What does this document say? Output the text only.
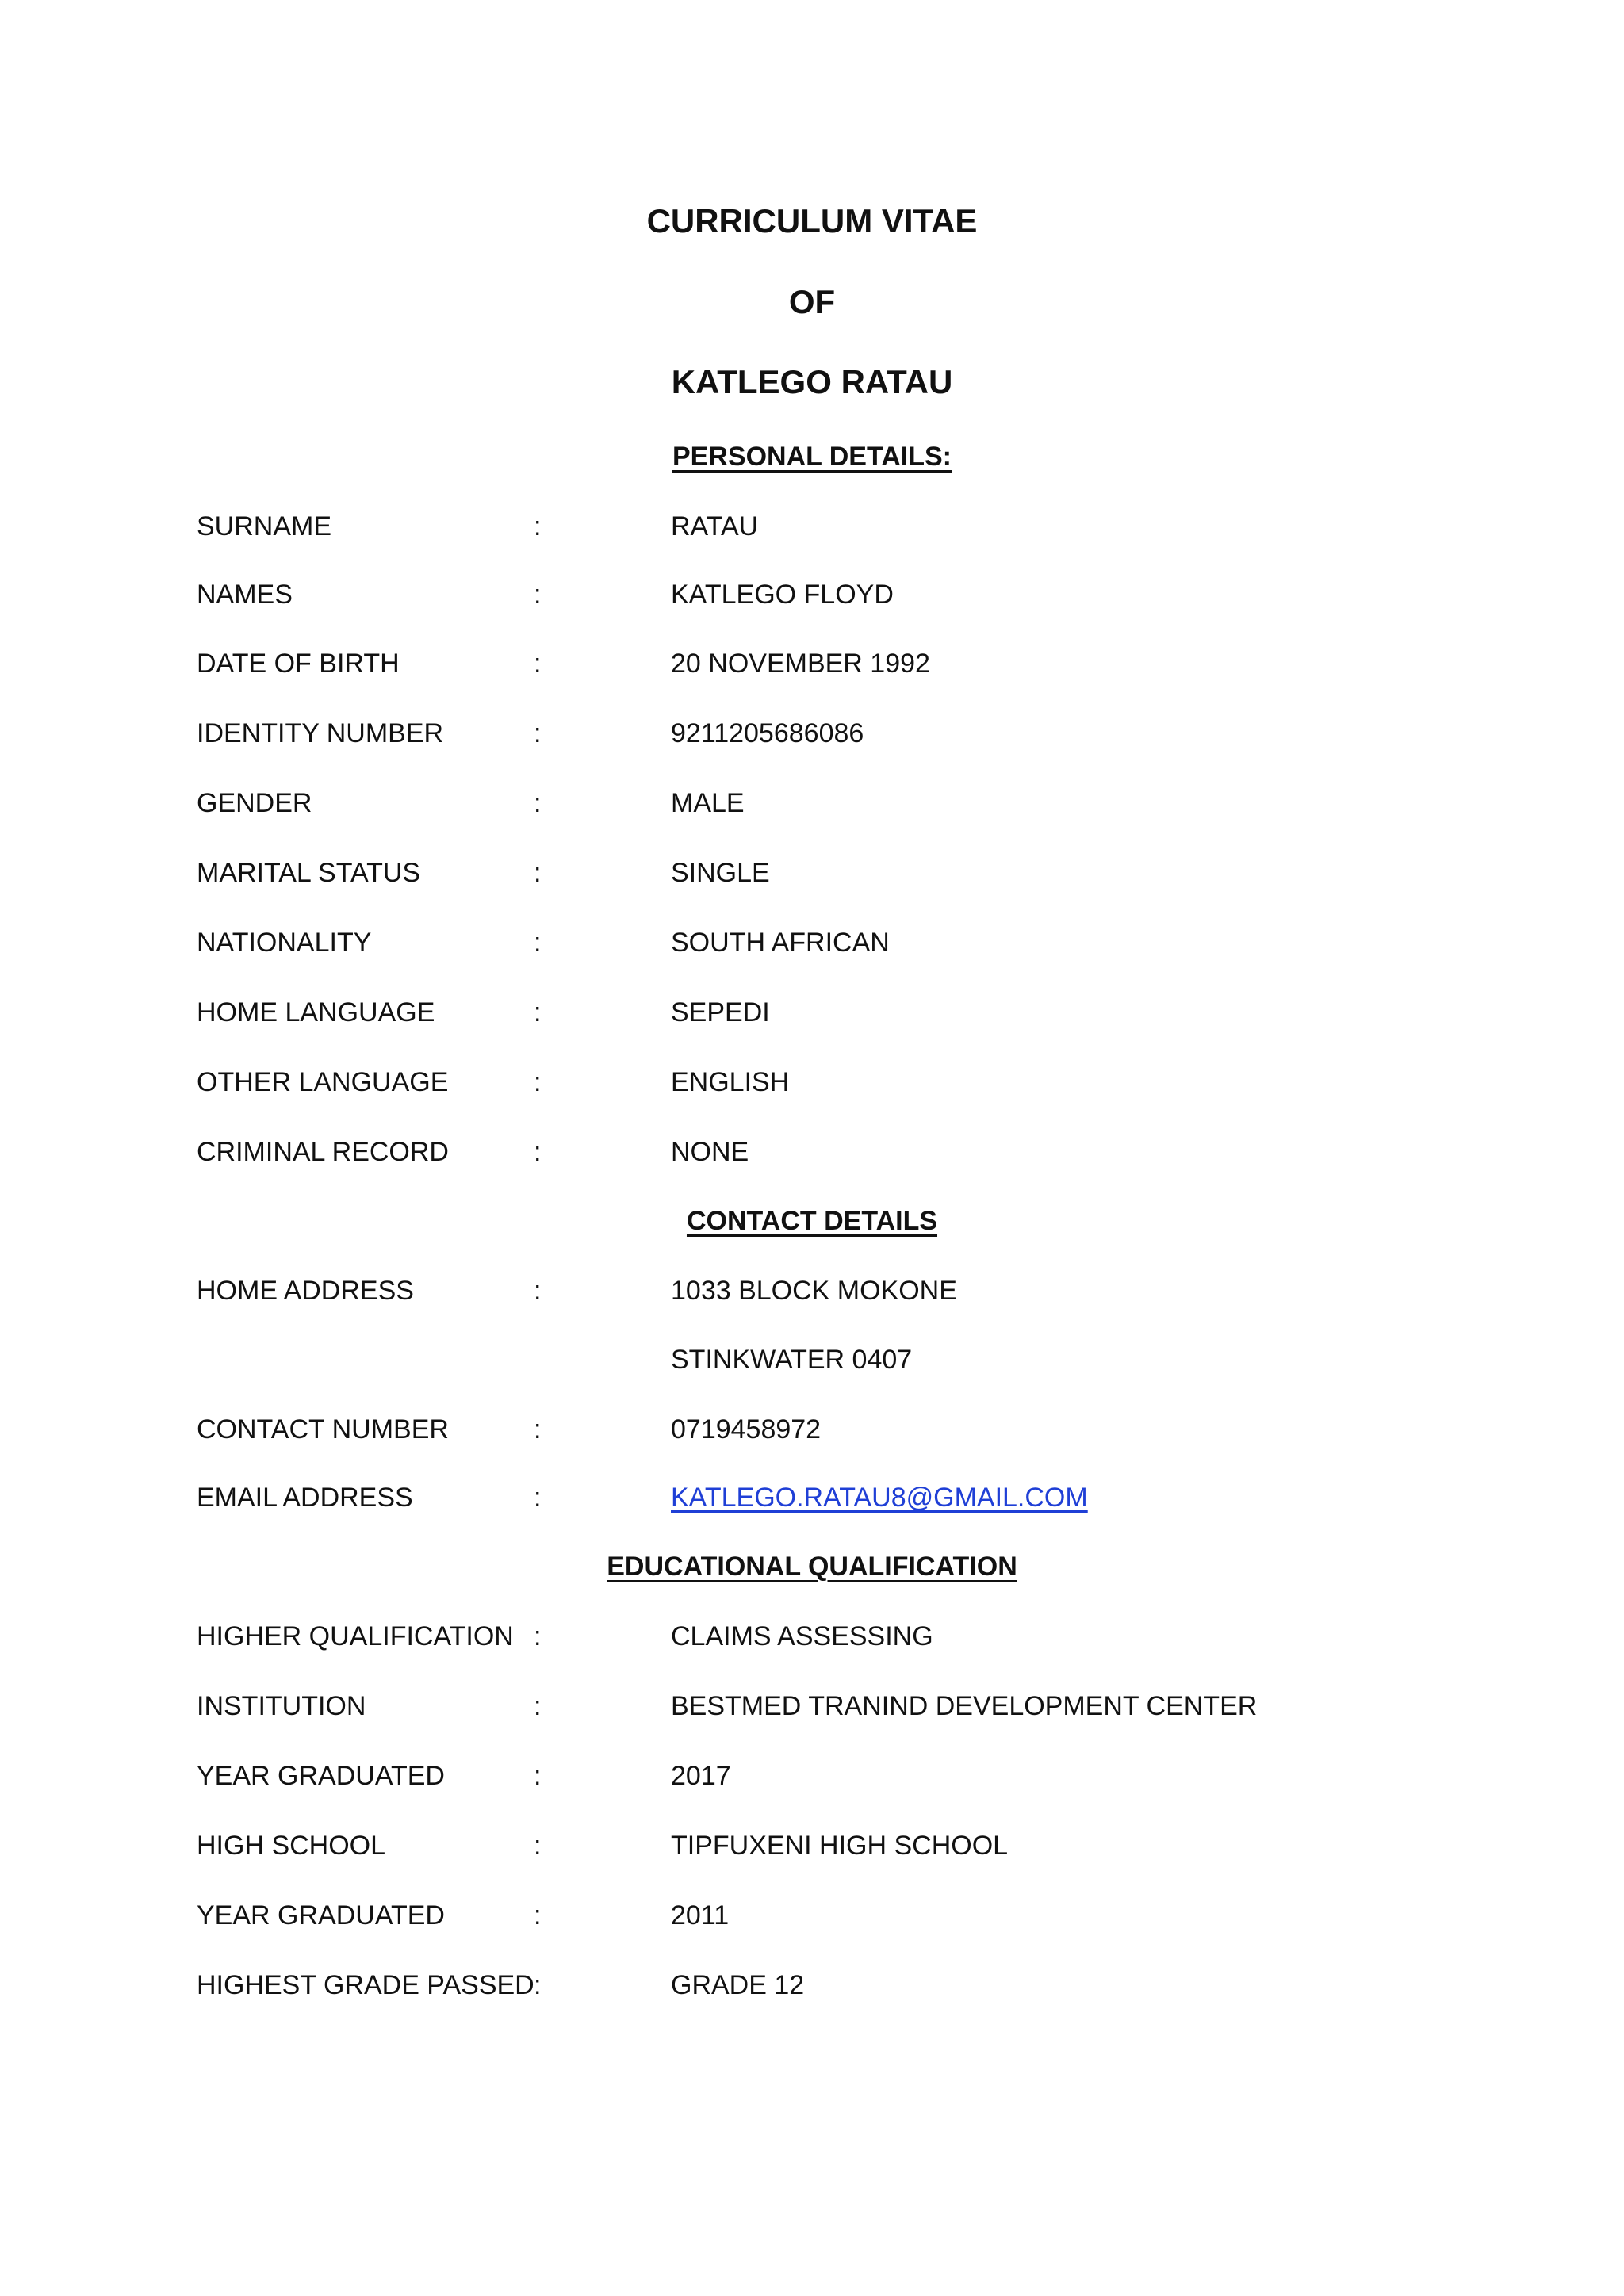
CURRICULUM VITAE
OF
KATLEGO RATAU
PERSONAL DETAILS:
SURNAME	:	RATAU
NAMES	:	KATLEGO FLOYD
DATE OF BIRTH	:	20 NOVEMBER 1992
IDENTITY NUMBER	:	9211205686086
GENDER	:	MALE
MARITAL STATUS	:	SINGLE
NATIONALITY	:	SOUTH AFRICAN
HOME LANGUAGE	:	SEPEDI
OTHER LANGUAGE	:	ENGLISH
CRIMINAL RECORD	:	NONE
CONTACT DETAILS
HOME ADDRESS	:	1033 BLOCK MOKONE
STINKWATER 0407
CONTACT NUMBER	:	0719458972
EMAIL ADDRESS	:	KATLEGO.RATAU8@GMAIL.COM
EDUCATIONAL QUALIFICATION
HIGHER QUALIFICATION :	CLAIMS ASSESSING
INSTITUTION	:	BESTMED TRANIND DEVELOPMENT CENTER
YEAR GRADUATED	:	2017
HIGH SCHOOL	:	TIPFUXENI HIGH SCHOOL
YEAR GRADUATED	:	2011
HIGHEST GRADE PASSED :	GRADE 12
